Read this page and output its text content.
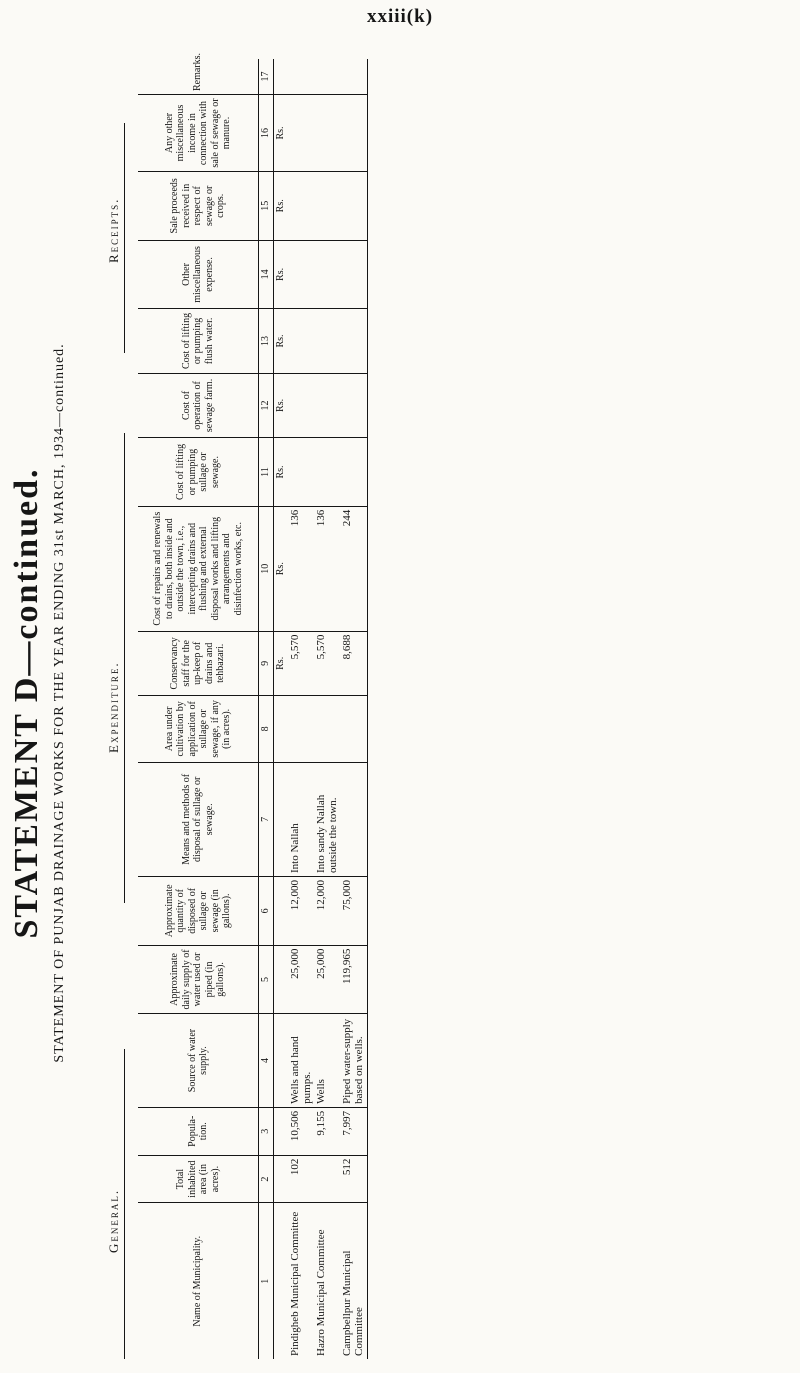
xxiii(k)
STATEMENT D—continued. STATEMENT OF PUNJAB DRAINAGE WORKS FOR THE YEAR ENDING 31st MARCH, 1934—continued.
General.
Expenditure.
Receipts.
Name of Municipality.	Total inhabited area (in acres).	Popula- tion.	Source of water supply.	Approximate daily supply of water used or piped (in gallons).	Approximate quantity of disposed of sullage or sewage (in gallons).	Means and methods of disposal of sullage or sewage.	Area under cultivation by application of sullage or sewage, if any (in acres).	Conservancy staff for the up-keep of drains and tehbazari.	Cost of repairs and renewals to drains, both inside and outside the town, i.e., intercepting drains and flushing and external disposal works and lifting arrangements and disinfection works, etc.	Cost of lifting or pumping sullage or sewage.	Cost of operation of sewage farm.	Cost of lifting or pumping flush water.	Other miscellaneous expense.	Sale proceeds received in respect of sewage or crops.	Any other miscellaneous income in connection with sale of sewage or manure.	Remarks.
1	2	3	4	5	6	7	8	9	10	11	12	13	14	15	16	17
								Rs.	Rs.	Rs.	Rs.	Rs.	Rs.	Rs.	Rs.	
Pindigheb Municipal Committee	102	10,506	Wells and hand pumps.	25,000	12,000	Into Nallah		5,570	136							
Hazro Municipal Committee		9,155	Wells	25,000	12,000	Into sandy Nallah outside the town.		5,570	136							
Campbellpur Municipal Committee	512	7,997	Piped water-supply based on wells.	119,965	75,000			8,688	244							
